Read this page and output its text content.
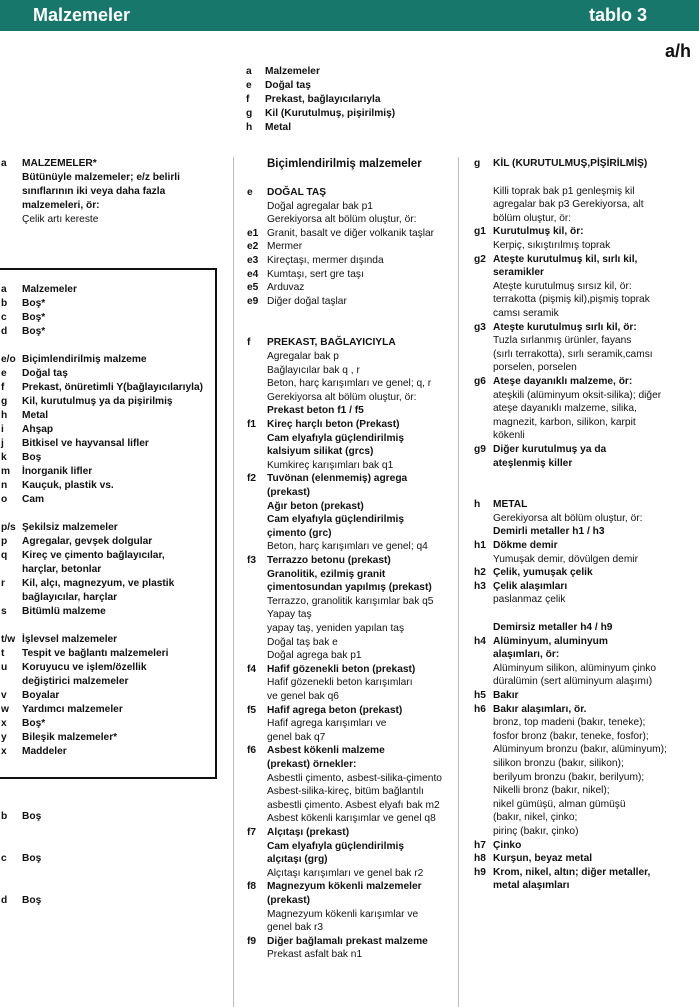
Malzemeler	tablo 3
a/h
a Malzemeler
e Doğal taş
f Prekast, bağlayıcılarıyla
g Kil (Kurutulmuş, pişirilmiş)
h Metal
a MALZEMELER*
Bütünüyle malzemeler; e/z belirli
sınıflarının iki veya daha fazla
malzemeleri, ör:
Çelik artı kereste
a Malzemeler
b Boş*
c Boş*
d Boş*
e/o Biçimlendirilmiş malzeme
e Doğal taş
f Prekast, önüretimli Y(bağlayıcılarıyla)
g Kil, kurutulmuş ya da pişirilmiş
h Metal
i Ahşap
j Bitkisel ve hayvansal lifler
k Boş
m İnorganik lifler
n Kauçuk, plastik vs.
o Cam
p/s Şekilsiz malzemeler
p Agregalar, gevşek dolgular
q Kireç ve çimento bağlayıcılar,
harçlar, betonlar
r Kil, alçı, magnezyum, ve plastik
bağlayıcılar, harçlar
s Bitümlü malzeme
t/w İşlevsel malzemeler
t Tespit ve bağlantı malzemeleri
u Koruyucu ve işlem/özellik
değiştirici malzemeler
v Boyalar
w Yardımcı malzemeler
x Boş*
y Bileşik malzemeler*
x Maddeler
b Boş
c Boş
d Boş
Biçimlendirilmiş malzemeler
e DOĞAL TAŞ
Doğal agregalar bak p1
Gerekiyorsa alt bölüm oluştur, ör:
e1 Granit, basalt ve diğer volkanik taşlar
e2 Mermer
e3 Kireçtaşı, mermer dışında
e4 Kumtaşı, sert gre taşı
e5 Arduvaz
e9 Diğer doğal taşlar
f PREKAST, BAĞLAYICIYLA
Agregalar bak p
Bağlayıcılar bak q , r
Beton, harç karışımları ve genel; q, r
Gerekiyorsa alt bölüm oluştur, ör:
Prekast beton f1 / f5
f1 Kireç harçlı beton (Prekast)
Cam elyafıyla güçlendirilmiş
kalsiyum silikat (grcs)
Kumkireç karışımları bak q1
f2 Tuvönan (elenmemiş) agrega
(prekast)
Ağır beton (prekast)
Cam elyafıyla güçlendirilmiş
çimento (grc)
Beton, harç karışımları ve genel; q4
f3 Terrazzo betonu (prekast)
Granolitik, ezilmiş granit
çimentosundan yapılmış (prekast)
Terrazzo, granolitik karışımlar bak q5
Yapay taş
yapay taş, yeniden yapılan taş
Doğal taş bak e
Doğal agrega bak p1
f4 Hafif gözenekli beton (prekast)
Hafif gözenekli beton karışımları
ve genel bak q6
f5 Hafif agrega beton (prekast)
Hafif agrega karışımları ve
genel bak q7
f6 Asbest kökenli malzeme
(prekast) örnekler:
Asbestli çimento, asbest-silika-çimento
Asbest-silika-kireç, bitüm bağlantılı
asbestli çimento. Asbest elyafı bak m2
Asbest kökenli karışımlar ve genel q8
f7 Alçıtaşı (prekast)
Cam elyafıyla güçlendirilmiş
alçıtaşı (grg)
Alçıtaşı karışımları ve genel bak r2
f8 Magnezyum kökenli malzemeler
(prekast)
Magnezyum kökenli karışımlar ve
genel bak r3
f9 Diğer bağlamalı prekast malzeme
Prekast asfalt bak n1
g KİL (KURUTULMUŞ,PİŞİRİLMİŞ)
Killi toprak bak p1 genleşmiş kil
agregalar bak p3 Gerekiyorsa, alt
bölüm oluştur, ör:
g1 Kurutulmuş kil, ör:
Kerpiç, sıkıştırılmış toprak
g2 Ateşte kurutulmuş kil, sırlı kil,
seramikler
Ateşte kurutulmuş sırsız kil, ör:
terrakotta (pişmiş kil),pişmiş toprak
camsı seramik
g3 Ateşte kurutulmuş sırlı kil, ör:
Tuzla sırlanmış ürünler, fayans
(sırlı terrakotta), sırlı seramik,camsı
porselen, porselen
g6 Ateşe dayanıklı malzeme, ör:
ateşkili (alüminyum oksit-silika); diğer
ateşe dayanıklı malzeme, silika,
magnezit, karbon, silikon, karpit
kökenli
g9 Diğer kurutulmuş ya da
ateşlenmiş killer
h METAL
Gerekiyorsa alt bölüm oluştur, ör:
Demirli metaller h1 / h3
h1 Dökme demir
Yumuşak demir, dövülgen demir
h2 Çelik, yumuşak çelik
h3 Çelik alaşımları
paslanmaz çelik
Demirsiz metaller h4 / h9
h4 Alüminyum, aluminyum
alaşımları, ör:
Alüminyum silikon, alüminyum çinko
düralümin (sert alüminyum alaşımı)
h5 Bakır
h6 Bakır alaşımları, ör.
bronz, top madeni (bakır, teneke);
fosfor bronz (bakır, teneke, fosfor);
Alüminyum bronzu (bakır, alüminyum);
silikon bronzu (bakır, silikon);
berilyum bronzu (bakır, berilyum);
Nikelli bronz (bakır, nikel);
nikel gümüşü, alman gümüşü
(bakır, nikel, çinko;
pirinç (bakır, çinko)
h7 Çinko
h8 Kurşun, beyaz metal
h9 Krom, nikel, altın; diğer metaller,
metal alaşımları
